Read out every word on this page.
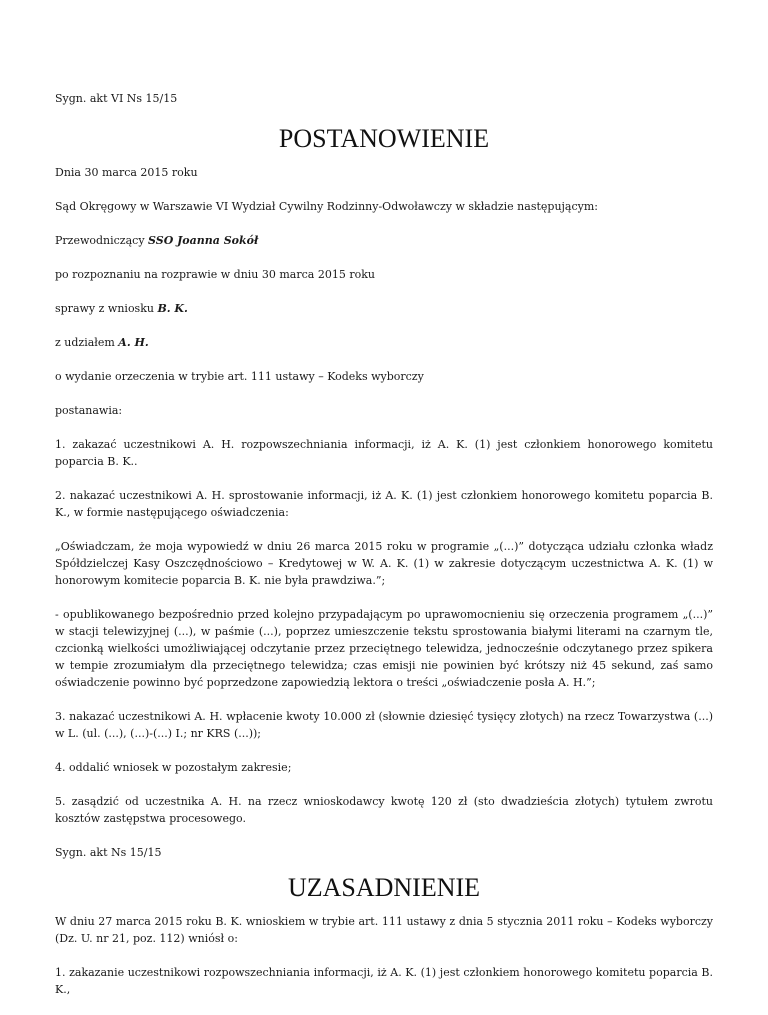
Sygn. akt VI Ns 15/15

POSTANOWIENIE

Dnia 30 marca 2015 roku

Sąd Okręgowy w Warszawie VI Wydział Cywilny Rodzinny-Odwoławczy w składzie następującym:

Przewodniczący SSO Joanna Sokół

po rozpoznaniu na rozprawie w dniu 30 marca 2015 roku

sprawy z wniosku B. K.

z udziałem A. H.

o wydanie orzeczenia w trybie art. 111 ustawy – Kodeks wyborczy

postanawia:

1. zakazać uczestnikowi A. H. rozpowszechniania informacji, iż A. K. (1) jest członkiem honorowego komitetu poparcia B. K..

2. nakazać uczestnikowi A. H. sprostowanie informacji, iż A. K. (1) jest członkiem honorowego komitetu poparcia B. K., w formie następującego oświadczenia:

„Oświadczam, że moja wypowiedź w dniu 26 marca 2015 roku w programie „(...)” dotycząca udziału członka władz Spółdzielczej Kasy Oszczędnościowo – Kredytowej w W. A. K. (1) w zakresie dotyczącym uczestnictwa A. K. (1) w honorowym komitecie poparcia B. K. nie była prawdziwa.”;

- opublikowanego bezpośrednio przed kolejno przypadającym po uprawomocnieniu się orzeczenia programem „(...)” w stacji telewizyjnej (...), w paśmie (...), poprzez umieszczenie tekstu sprostowania białymi literami na czarnym tle, czcionką wielkości umożliwiającej odczytanie przez przeciętnego telewidza, jednocześnie odczytanego przez spikera w tempie zrozumiałym dla przeciętnego telewidza; czas emisji nie powinien być krótszy niż 45 sekund, zaś samo oświadczenie powinno być poprzedzone zapowiedzią lektora o treści „oświadczenie posła A. H.”;

3. nakazać uczestnikowi A. H. wpłacenie kwoty 10.000 zł (słownie dziesięć tysięcy złotych) na rzecz Towarzystwa (...) w L. (ul. (...), (...)-(...) I.; nr KRS (...));

4. oddalić wniosek w pozostałym zakresie;

5. zasądzić od uczestnika A. H. na rzecz wnioskodawcy kwotę 120 zł (sto dwadzieścia złotych) tytułem zwrotu kosztów zastępstwa procesowego.

Sygn. akt Ns 15/15

UZASADNIENIE

W dniu 27 marca 2015 roku B. K. wnioskiem w trybie art. 111 ustawy z dnia 5 stycznia 2011 roku – Kodeks wyborczy (Dz. U. nr 21, poz. 112) wniósł o:

1. zakazanie uczestnikowi rozpowszechniania informacji, iż A. K. (1) jest członkiem honorowego komitetu poparcia B. K.,
